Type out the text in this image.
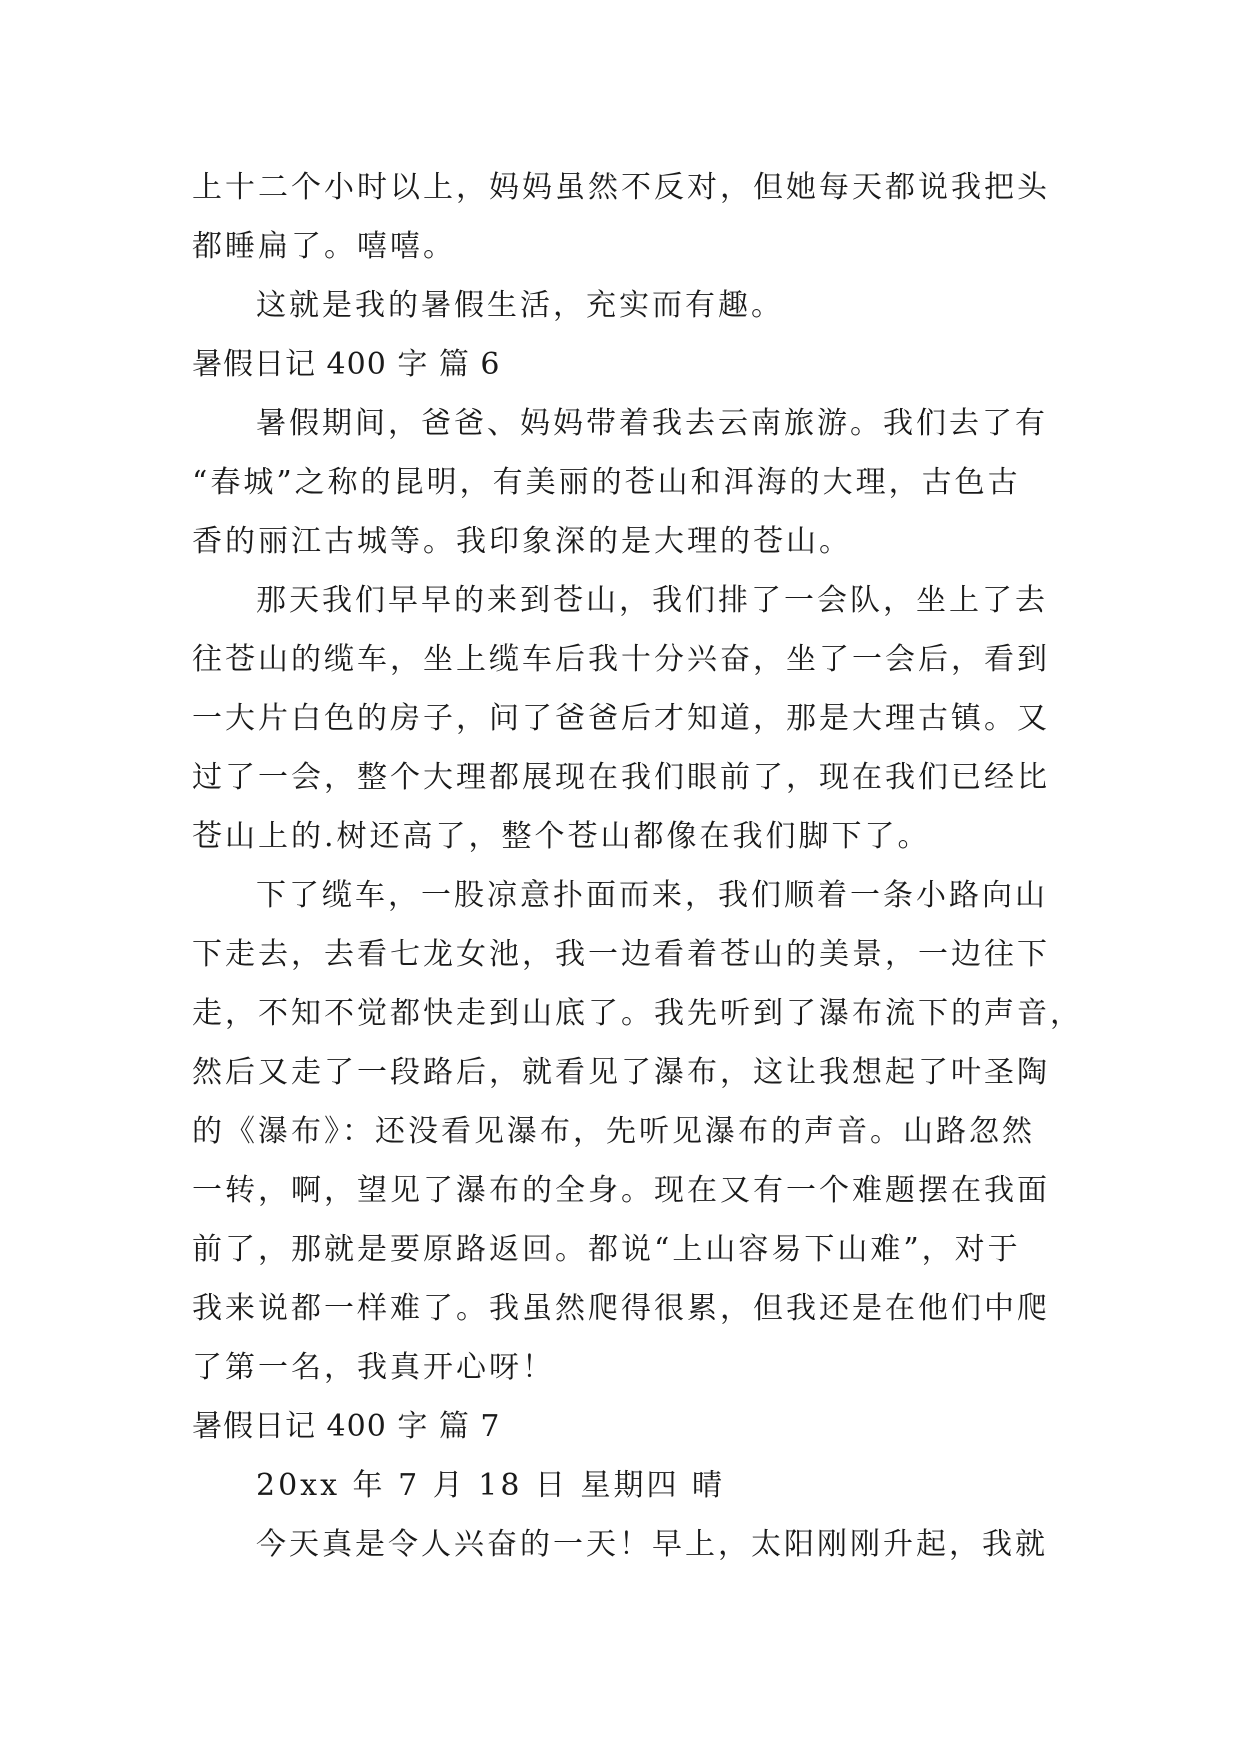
上十二个小时以上，妈妈虽然不反对，但她每天都说我把头
都睡扁了。嘻嘻。
这就是我的暑假生活，充实而有趣。
暑假日记 400 字 篇 6
暑假期间，爸爸、妈妈带着我去云南旅游。我们去了有
“春城”之称的昆明，有美丽的苍山和洱海的大理，古色古
香的丽江古城等。我印象深的是大理的苍山。
那天我们早早的来到苍山，我们排了一会队，坐上了去
往苍山的缆车，坐上缆车后我十分兴奋，坐了一会后，看到
一大片白色的房子，问了爸爸后才知道，那是大理古镇。又
过了一会，整个大理都展现在我们眼前了，现在我们已经比
苍山上的.树还高了，整个苍山都像在我们脚下了。
下了缆车，一股凉意扑面而来，我们顺着一条小路向山
下走去，去看七龙女池，我一边看着苍山的美景，一边往下
走，不知不觉都快走到山底了。我先听到了瀑布流下的声音，
然后又走了一段路后，就看见了瀑布，这让我想起了叶圣陶
的《瀑布》：还没看见瀑布，先听见瀑布的声音。山路忽然
一转，啊，望见了瀑布的全身。现在又有一个难题摆在我面
前了，那就是要原路返回。都说“上山容易下山难”，对于
我来说都一样难了。我虽然爬得很累，但我还是在他们中爬
了第一名，我真开心呀！
暑假日记 400 字 篇 7
20xx 年 7 月 18 日 星期四 晴
今天真是令人兴奋的一天！早上，太阳刚刚升起，我就
